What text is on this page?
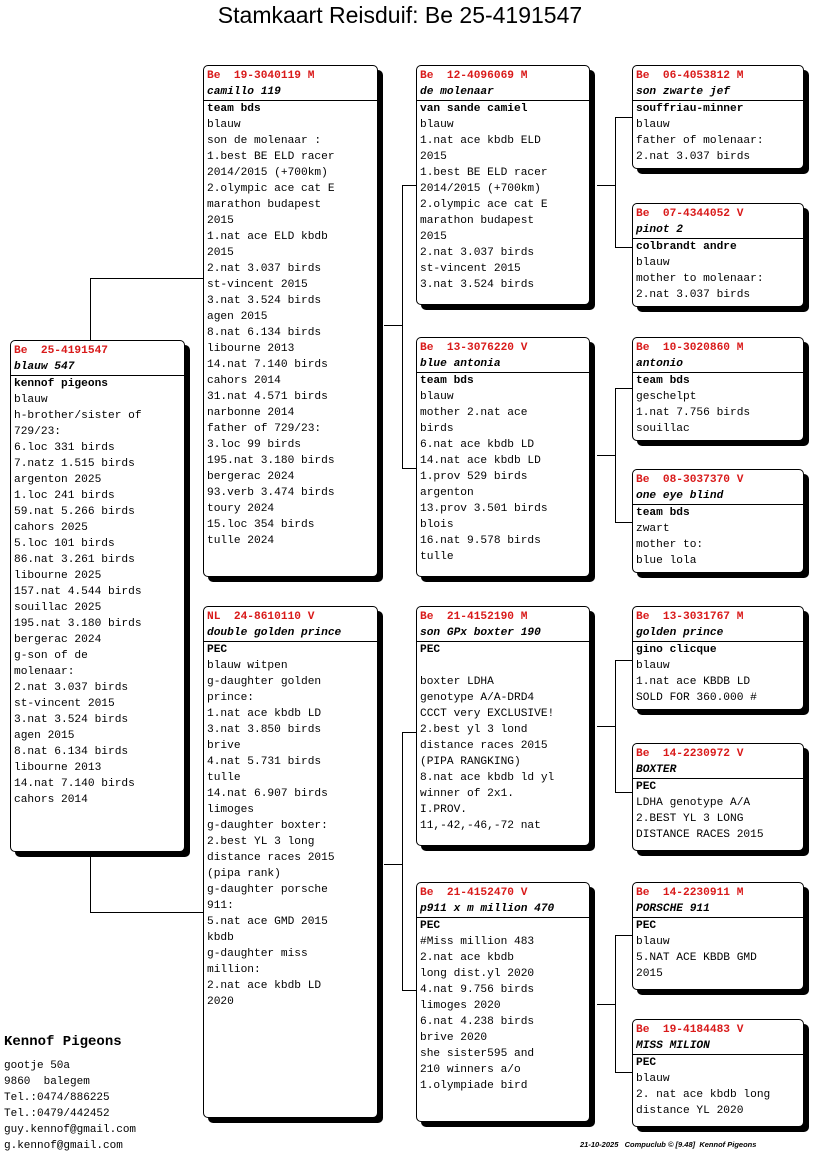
Stamkaart Reisduif: Be 25-4191547
Be  25-4191547
blauw 547
kennof pigeons
blauw
h-brother/sister of
729/23:
6.loc 331 birds
7.natz 1.515 birds
argenton 2025
1.loc 241 birds
59.nat 5.266 birds
cahors 2025
5.loc 101 birds
86.nat 3.261 birds
libourne 2025
157.nat 4.544 birds
souillac 2025
195.nat 3.180 birds
bergerac 2024
g-son of de
molenaar:
2.nat 3.037 birds
st-vincent 2015
3.nat 3.524 birds
agen 2015
8.nat 6.134 birds
libourne 2013
14.nat 7.140 birds
cahors 2014
Be  19-3040119 M
camillo 119
team bds
blauw
son de molenaar :
1.best BE ELD racer
2014/2015 (+700km)
2.olympic ace cat E
marathon budapest
2015
1.nat ace ELD kbdb
2015
2.nat 3.037 birds
st-vincent 2015
3.nat 3.524 birds
agen 2015
8.nat 6.134 birds
libourne 2013
14.nat 7.140 birds
cahors 2014
31.nat 4.571 birds
narbonne 2014
father of 729/23:
3.loc 99 birds
195.nat 3.180 birds
bergerac 2024
93.verb 3.474 birds
toury 2024
15.loc 354 birds
tulle 2024
NL  24-8610110 V
double golden prince
PEC
blauw witpen
g-daughter golden
prince:
1.nat ace kbdb LD
3.nat 3.850 birds
brive
4.nat 5.731 birds
tulle
14.nat 6.907 birds
limoges
g-daughter boxter:
2.best YL 3 long
distance races 2015
(pipa rank)
g-daughter porsche
911:
5.nat ace GMD 2015
kbdb
g-daughter miss
million:
2.nat ace kbdb LD
2020
Be  12-4096069 M
de molenaar
van sande camiel
blauw
1.nat ace kbdb ELD
2015
1.best BE ELD racer
2014/2015 (+700km)
2.olympic ace cat E
marathon budapest
2015
2.nat 3.037 birds
st-vincent 2015
3.nat 3.524 birds
Be  13-3076220 V
blue antonia
team bds
blauw
mother 2.nat ace
birds
6.nat ace kbdb LD
14.nat ace kbdb LD
1.prov 529 birds
argenton
13.prov 3.501 birds
blois
16.nat 9.578 birds
tulle
Be  21-4152190 M
son GPx boxter 190
PEC
boxter LDHA
genotype A/A-DRD4
CCCT very EXCLUSIVE!
2.best yl 3 lond
distance races 2015
(PIPA RANGKING)
8.nat ace kbdb ld yl
winner of 2x1.
I.PROV.
11,-42,-46,-72 nat
Be  21-4152470 V
p911 x m million 470
PEC
#Miss million 483
2.nat ace kbdb
long dist.yl 2020
4.nat 9.756 birds
limoges 2020
6.nat 4.238 birds
brive 2020
she sister595 and
210 winners a/o
1.olympiade bird
Be  06-4053812 M
son zwarte jef
souffriau-minner
blauw
father of molenaar:
2.nat 3.037 birds
Be  07-4344052 V
pinot 2
colbrandt andre
blauw
mother to molenaar:
2.nat 3.037 birds
Be  10-3020860 M
antonio
team bds
geschelpt
1.nat 7.756 birds
souillac
Be  08-3037370 V
one eye blind
team bds
zwart
mother to:
blue lola
Be  13-3031767 M
golden prince
gino clicque
blauw
1.nat ace KBDB LD
SOLD FOR 360.000 #
Be  14-2230972 V
BOXTER
PEC
LDHA genotype A/A
2.BEST YL 3 LONG
DISTANCE RACES 2015
Be  14-2230911 M
PORSCHE 911
PEC
blauw
5.NAT ACE KBDB GMD
2015
Be  19-4184483 V
MISS MILION
PEC
blauw
2. nat ace kbdb long
distance YL 2020
Kennof Pigeons
gootje 50a
9860  balegem
Tel.:0474/886225
Tel.:0479/442452
guy.kennof@gmail.com
g.kennof@gmail.com	21-10-2025   Compuclub © [9.48]  Kennof Pigeons
